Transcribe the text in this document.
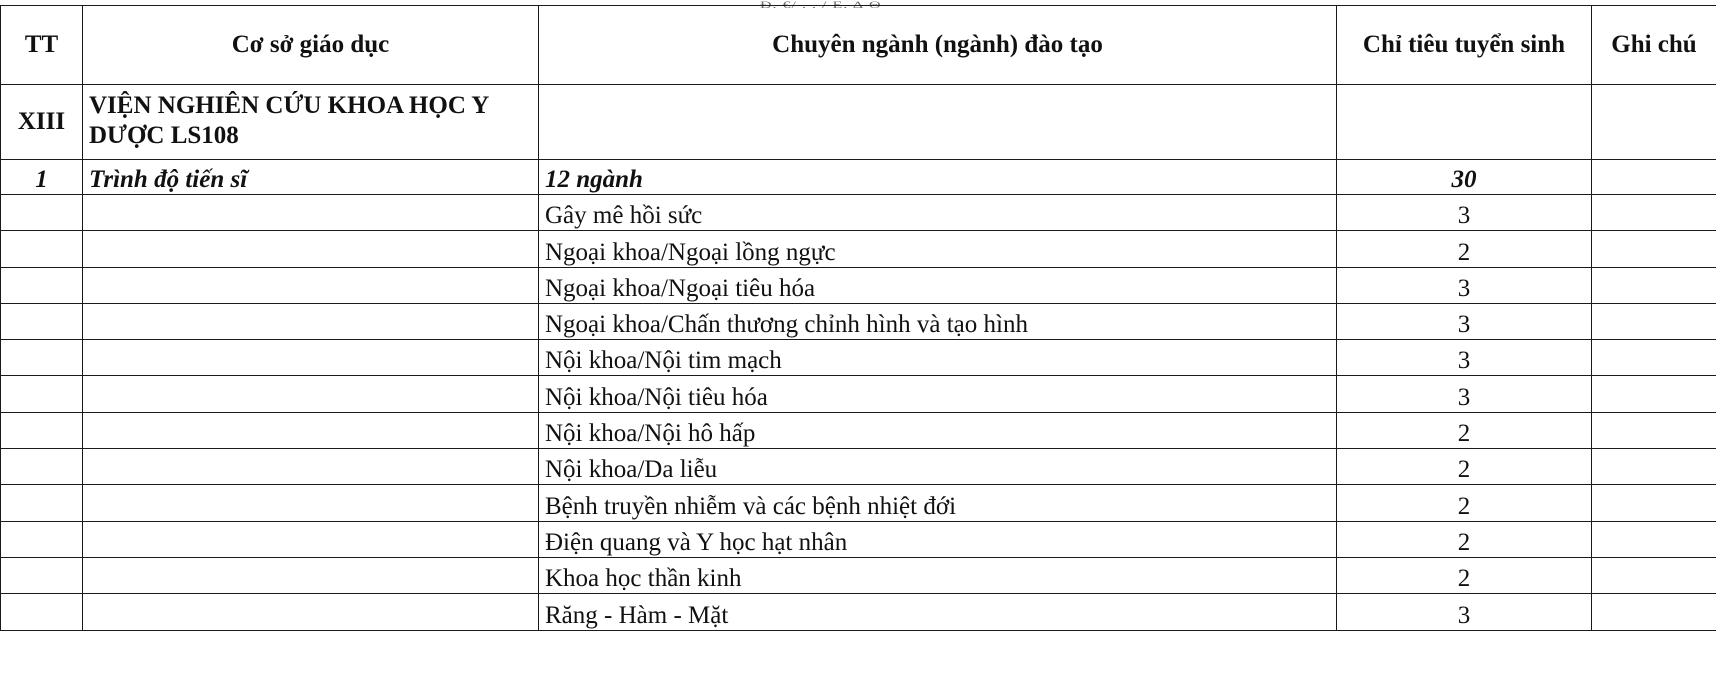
Đ. €/ . . / Ε. ∆ Θ
TT	Cơ sở giáo dục	Chuyên ngành (ngành) đào tạo	Chỉ tiêu tuyển sinh	Ghi chú
XIII	VIỆN NGHIÊN CỨU KHOA HỌC Y DƯỢC LS108			
1	Trình độ tiến sĩ	12 ngành	30	
		Gây mê hồi sức	3	
		Ngoại khoa/Ngoại lồng ngực	2	
		Ngoại khoa/Ngoại tiêu hóa	3	
		Ngoại khoa/Chấn thương chỉnh hình và tạo hình	3	
		Nội khoa/Nội tim mạch	3	
		Nội khoa/Nội tiêu hóa	3	
		Nội khoa/Nội hô hấp	2	
		Nội khoa/Da liễu	2	
		Bệnh truyền nhiễm và các bệnh nhiệt đới	2	
		Điện quang và Y học hạt nhân	2	
		Khoa học thần kinh	2	
		Răng - Hàm - Mặt	3	
